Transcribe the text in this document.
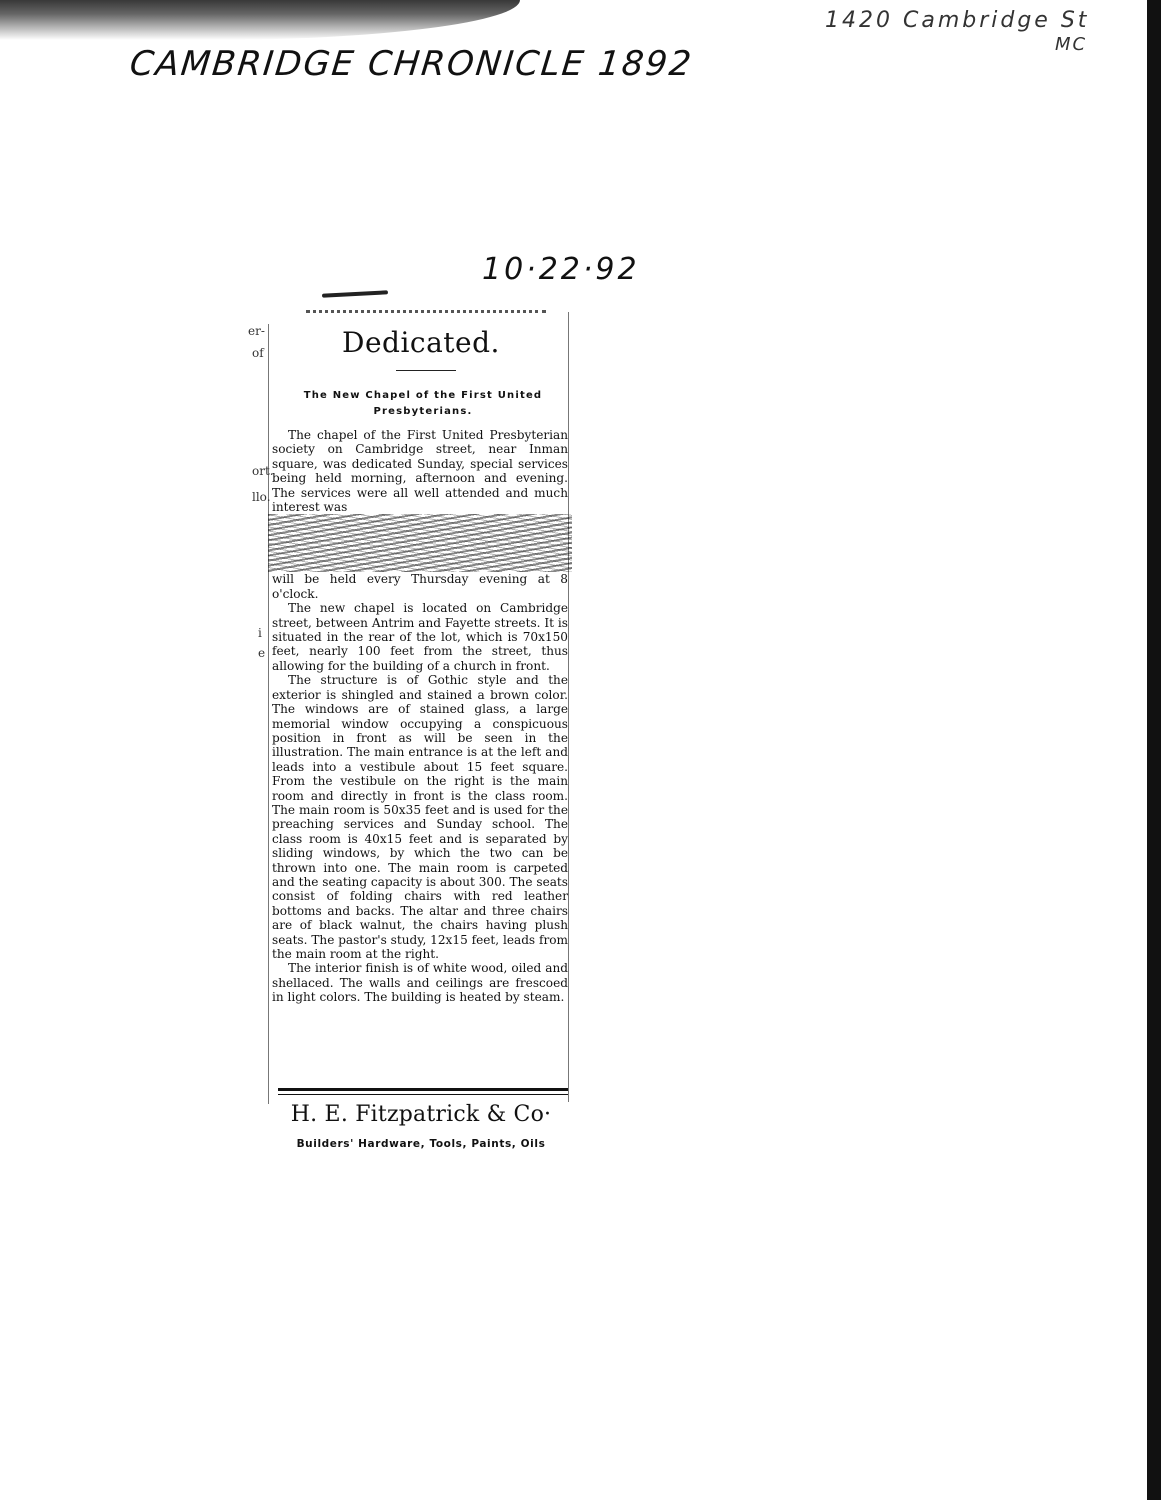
CAMBRIDGE CHRONICLE 1892
1420 Cambridge St
MC
10·22·92
er-
of
ort.
llo.
i
e
Dedicated.
The New Chapel of the First United
Presbyterians.

The chapel of the First United Presbyterian society on Cambridge street, near Inman square, was dedicated Sunday, special services being held morning, afternoon and evening. The services were all well attended and much interest was

will be held every Thursday evening at 8 o'clock.

The new chapel is located on Cambridge street, between Antrim and Fayette streets. It is situated in the rear of the lot, which is 70x150 feet, nearly 100 feet from the street, thus allowing for the building of a church in front.

The structure is of Gothic style and the exterior is shingled and stained a brown color. The windows are of stained glass, a large memorial window occupying a conspicuous position in front as will be seen in the illustration. The main entrance is at the left and leads into a vestibule about 15 feet square. From the vestibule on the right is the main room and directly in front is the class room. The main room is 50x35 feet and is used for the preaching services and Sunday school. The class room is 40x15 feet and is separated by sliding windows, by which the two can be thrown into one. The main room is carpeted and the seating capacity is about 300. The seats consist of folding chairs with red leather bottoms and backs. The altar and three chairs are of black walnut, the chairs having plush seats. The pastor's study, 12x15 feet, leads from the main room at the right.

The interior finish is of white wood, oiled and shellaced. The walls and ceilings are frescoed in light colors. The building is heated by steam.

H. E. Fitzpatrick & Co·
Builders' Hardware, Tools, Paints, Oils
